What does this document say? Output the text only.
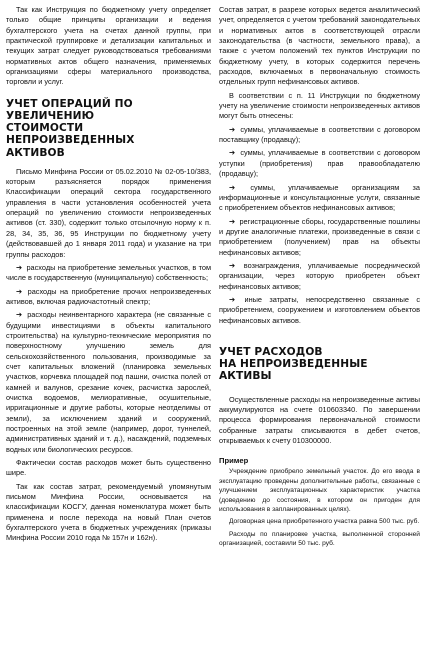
Так как Инструкция по бюджетному учету определяет только общие принципы организации и ведения бухгалтерского учета на счетах данной группы, при практической группировке и детализации капитальных и текущих затрат следует руководствоваться требованиями нормативных актов общего назначения, применяемых организациями сферы материального производства, торговли и услуг.

УЧЕТ ОПЕРАЦИЙ ПО УВЕЛИЧЕНИЮ
СТОИМОСТИ НЕПРОИЗВЕДЕННЫХ
АКТИВОВ

Письмо Минфина России от 05.02.2010 № 02-05-10/383, которым разъясняется порядок применения Классификации операций сектора государственного управления в части установления особенностей учета операций по увеличению стоимости непроизведенных активов (ст. 330), содержит только отсылочную норму к п. 28, 34, 35, 36, 95 Инструкции по бюджетному учету (действовавшей до 1 января 2011 года) и указание на три группы расходов:

➔ расходы на приобретение земельных участков, в том числе в государственную (муниципальную) собственность;

➔ расходы на приобретение прочих непроизведенных активов, включая радиочастотный спектр;

➔ расходы неинвентарного характера (не связанные с будущими инвестициями в объекты капитального строительства) на культурно-технические мероприятия по поверхностному улучшению земель для сельскохозяйственного пользования, производимые за счет капитальных вложений (планировка земельных участков, корчевка площадей под пашни, очистка полей от камней и валунов, срезание кочек, расчистка зарослей, очистка водоемов, мелиоративные, осушительные, ирригационные и другие работы, которые неотделимы от земли), за исключением зданий и сооружений, построенных на этой земле (например, дорог, туннелей, административных зданий и т. д.), насаждений, подземных водных или биологических ресурсов.

Фактически состав расходов может быть существенно шире.

Так как состав затрат, рекомендуемый упомянутым письмом Минфина России, основывается на классификации КОСГУ, данная номенклатура может быть применена и после перехода на новый План счетов бухгалтерского учета в бюджетных учреждениях (приказы Минфина России 2010 года № 157н и 162н).

Состав затрат, в разрезе которых ведется аналитический учет, определяется с учетом требований законодательных и нормативных актов в соответствующей отрасли законодательства (в частности, земельного права), а также с учетом положений тех пунктов Инструкции по бюджетному учету, в которых содержится перечень расходов, включаемых в первоначальную стоимость отдельных групп нефинансовых активов.

В соответствии с п. 11 Инструкции по бюджетному учету на увеличение стоимости непроизведенных активов могут быть отнесены:

➔ суммы, уплачиваемые в соответствии с договором поставщику (продавцу);

➔ суммы, уплачиваемые в соответствии с договором уступки (приобретения) прав правообладателю (продавцу);

➔ суммы, уплачиваемые организациям за информационные и консультационные услуги, связанные с приобретением объектов нефинансовых активов;

➔ регистрационные сборы, государственные пошлины и другие аналогичные платежи, произведенные в связи с приобретением (получением) прав на объекты нефинансовых активов;

➔ вознаграждения, уплачиваемые посреднической организации, через которую приобретен объект нефинансовых активов;

➔ иные затраты, непосредственно связанные с приобретением, сооружением и изготовлением объектов нефинансовых активов.

УЧЕТ РАСХОДОВ
НА НЕПРОИЗВЕДЕННЫЕ АКТИВЫ

Осуществленные расходы на непроизведенные активы аккумулируются на счете 010603340. По завершении процесса формирования первоначальной стоимости собранные затраты списываются в дебет счетов, открываемых к счету 010300000.

Пример

Учреждение приобрело земельный участок. До его ввода в эксплуатацию проведены дополнительные работы, связанные с улучшением эксплуатационных характеристик участка (доведению до состояния, в котором он пригоден для использования в запланированных целях).

Договорная цена приобретенного участка равна 500 тыс. руб.

Расходы по планировке участка, выполненной сторонней организацией, составили 50 тыс. руб.
